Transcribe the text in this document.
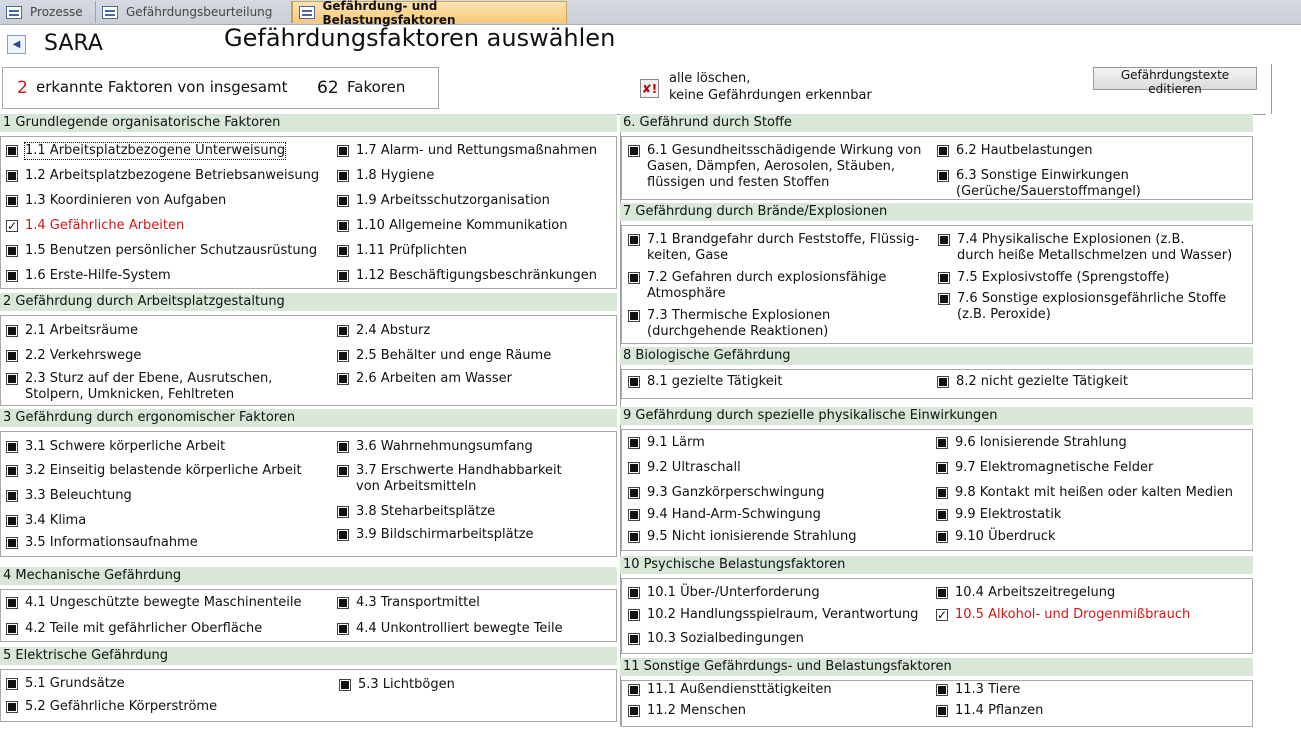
Prozesse	Gefährdungsbeurteilung	Gefährdung- und Belastungsfaktoren
◀ SARA	Gefährdungsfaktoren auswählen
2 erkannte Faktoren von insgesamt 62 Fakoren	✘!
alle löschen,
keine Gefährdungen erkennbar
Gefährdungstexte editieren
1 Grundlegende organisatorische Faktoren
2 Gefährdung durch Arbeitsplatzgestaltung
3 Gefährdung durch ergonomischer Faktoren
4 Mechanische Gefährdung
5 Elektrische Gefährdung
6. Gefährund durch Stoffe
7 Gefährdung durch Brände/Explosionen
8 Biologische Gefährdung
9 Gefährdung durch spezielle physikalische Einwirkungen
10 Psychische Belastungsfaktoren
11 Sonstige Gefährdungs- und Belastungsfaktoren
1.1 Arbeitsplatzbezogene Unterweisung
1.2 Arbeitsplatzbezogene Betriebsanweisung
1.3 Koordinieren von Aufgaben
✓
1.4 Gefährliche Arbeiten
1.5 Benutzen persönlicher Schutzausrüstung
1.6 Erste-Hilfe-System
1.7 Alarm- und Rettungsmaßnahmen
1.8 Hygiene
1.9 Arbeitsschutzorganisation
1.10 Allgemeine Kommunikation
1.11 Prüfplichten
1.12 Beschäftigungsbeschränkungen
2.1 Arbeitsräume
2.2 Verkehrswege
2.3 Sturz auf der Ebene, Ausrutschen,
Stolpern, Umknicken, Fehltreten
2.4 Absturz
2.5 Behälter und enge Räume
2.6 Arbeiten am Wasser
3.1 Schwere körperliche Arbeit
3.2 Einseitig belastende körperliche Arbeit
3.3 Beleuchtung
3.4 Klima
3.5 Informationsaufnahme
3.6 Wahrnehmungsumfang
3.7 Erschwerte Handhabbarkeit
von Arbeitsmitteln
3.8 Steharbeitsplätze
3.9 Bildschirmarbeitsplätze
4.1 Ungeschützte bewegte Maschinenteile
4.2 Teile mit gefährlicher Oberfläche
4.3 Transportmittel
4.4 Unkontrolliert bewegte Teile
5.1 Grundsätze
5.2 Gefährliche Körperströme
5.3 Lichtbögen
6.1 Gesundheitsschädigende Wirkung von
Gasen, Dämpfen, Aerosolen, Stäuben,
flüssigen und festen Stoffen
6.2 Hautbelastungen
6.3 Sonstige Einwirkungen
(Gerüche/Sauerstoffmangel)
7.1 Brandgefahr durch Feststoffe, Flüssig-
keiten, Gase
7.2 Gefahren durch explosionsfähige
Atmosphäre
7.3 Thermische Explosionen
(durchgehende Reaktionen)
7.4 Physikalische Explosionen (z.B.
durch heiße Metallschmelzen und Wasser)
7.5 Explosivstoffe (Sprengstoffe)
7.6 Sonstige explosionsgefährliche Stoffe
(z.B. Peroxide)
8.1 gezielte Tätigkeit	8.2 nicht gezielte Tätigkeit
9.1 Lärm
9.2 Ultraschall
9.3 Ganzkörperschwingung
9.4 Hand-Arm-Schwingung
9.5 Nicht ionisierende Strahlung
9.6 Ionisierende Strahlung
9.7 Elektromagnetische Felder
9.8 Kontakt mit heißen oder kalten Medien
9.9 Elektrostatik
9.10 Überdruck
10.1 Über-/Unterforderung
10.2 Handlungsspielraum, Verantwortung
10.3 Sozialbedingungen
10.4 Arbeitszeitregelung
✓
10.5 Alkohol- und Drogenmißbrauch
11.1 Außendiensttätigkeiten
11.2 Menschen
11.3 Tiere
11.4 Pflanzen
